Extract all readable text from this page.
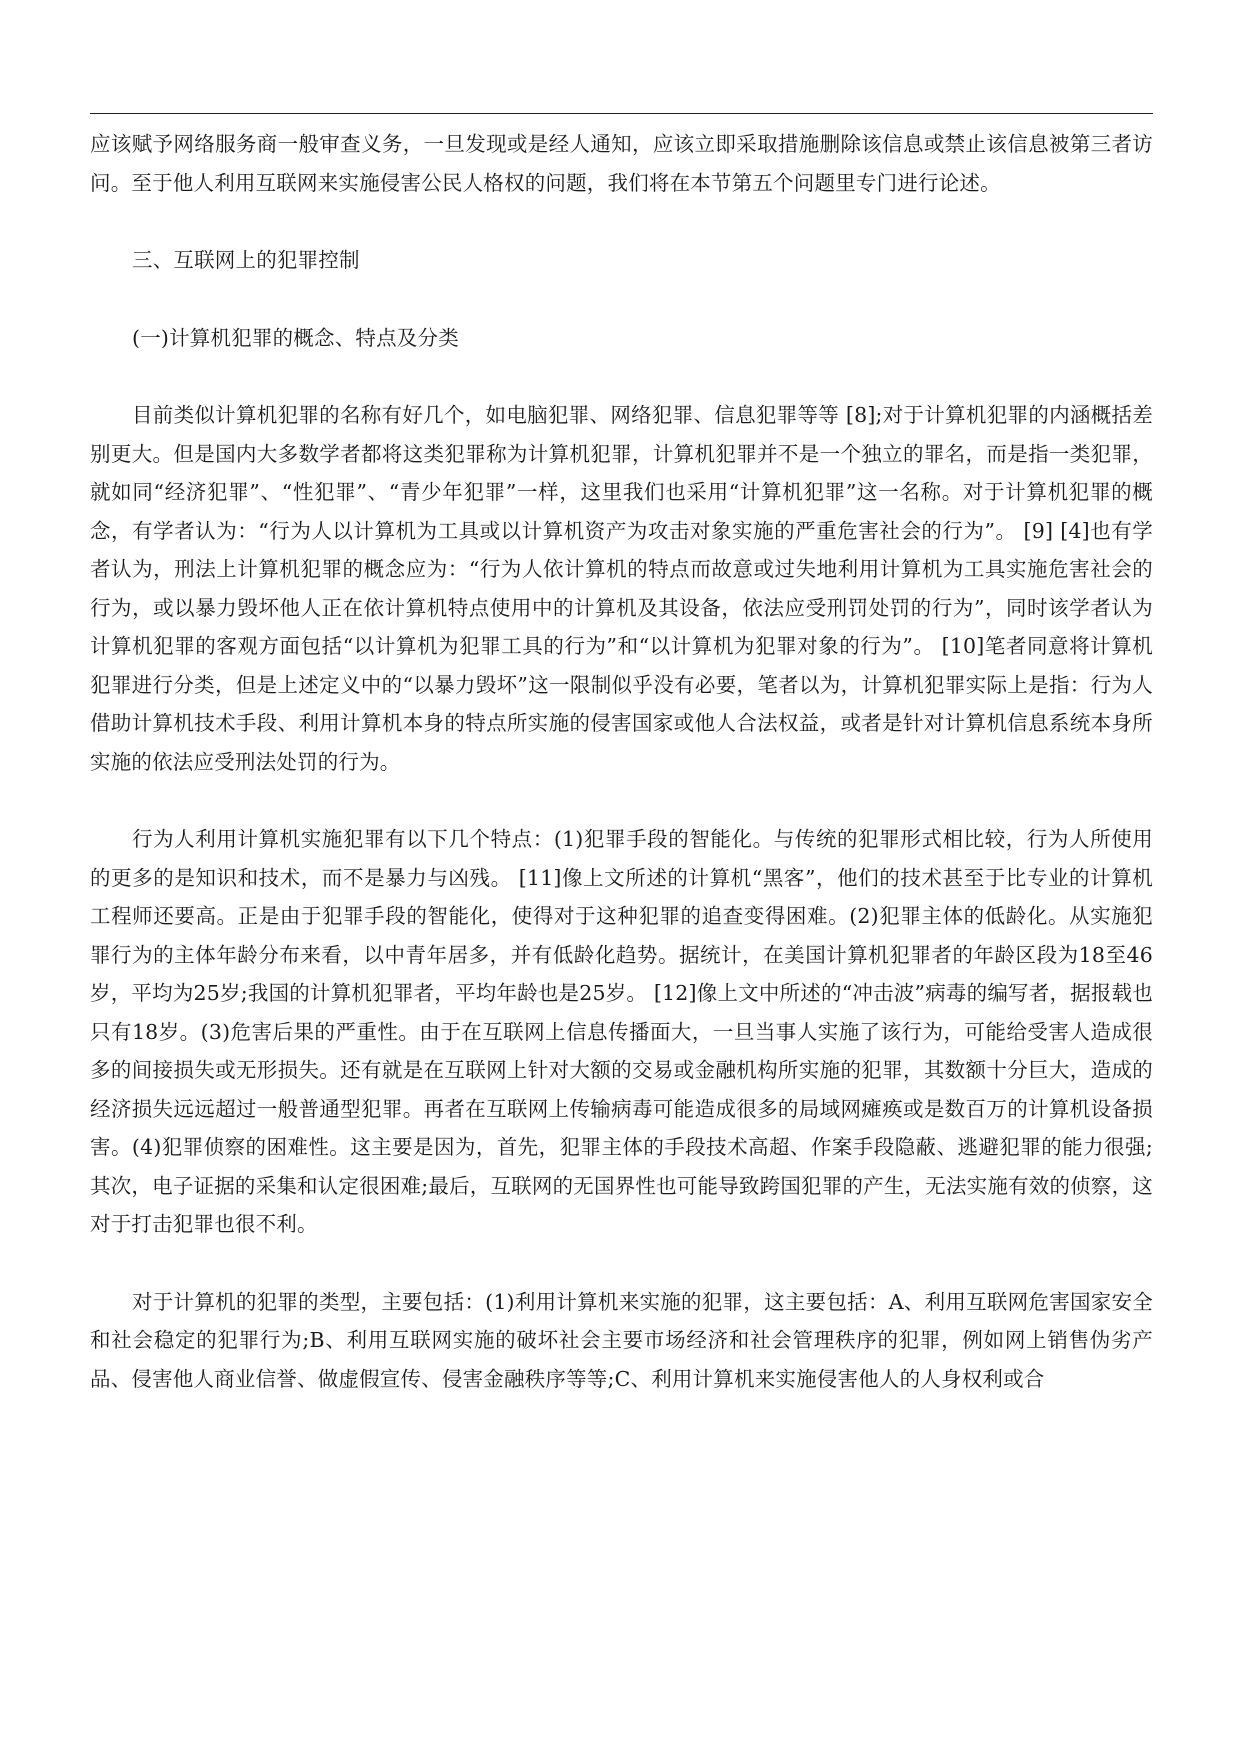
应该赋予网络服务商一般审查义务，一旦发现或是经人通知，应该立即采取措施删除该信息或禁止该信息被第三者访问。至于他人利用互联网来实施侵害公民人格权的问题，我们将在本节第五个问题里专门进行论述。

三、互联网上的犯罪控制

(一)计算机犯罪的概念、特点及分类

目前类似计算机犯罪的名称有好几个，如电脑犯罪、网络犯罪、信息犯罪等等 [8];对于计算机犯罪的内涵概括差别更大。但是国内大多数学者都将这类犯罪称为计算机犯罪，计算机犯罪并不是一个独立的罪名，而是指一类犯罪，就如同“经济犯罪”、“性犯罪”、“青少年犯罪”一样，这里我们也采用“计算机犯罪”这一名称。对于计算机犯罪的概念，有学者认为：“行为人以计算机为工具或以计算机资产为攻击对象实施的严重危害社会的行为”。 [9] [4]也有学者认为，刑法上计算机犯罪的概念应为：“行为人依计算机的特点而故意或过失地利用计算机为工具实施危害社会的行为，或以暴力毁坏他人正在依计算机特点使用中的计算机及其设备，依法应受刑罚处罚的行为”，同时该学者认为计算机犯罪的客观方面包括“以计算机为犯罪工具的行为”和“以计算机为犯罪对象的行为”。 [10]笔者同意将计算机犯罪进行分类，但是上述定义中的“以暴力毁坏”这一限制似乎没有必要，笔者以为，计算机犯罪实际上是指：行为人借助计算机技术手段、利用计算机本身的特点所实施的侵害国家或他人合法权益，或者是针对计算机信息系统本身所实施的依法应受刑法处罚的行为。

行为人利用计算机实施犯罪有以下几个特点：(1)犯罪手段的智能化。与传统的犯罪形式相比较，行为人所使用的更多的是知识和技术，而不是暴力与凶残。 [11]像上文所述的计算机“黑客”，他们的技术甚至于比专业的计算机工程师还要高。正是由于犯罪手段的智能化，使得对于这种犯罪的追查变得困难。(2)犯罪主体的低龄化。从实施犯罪行为的主体年龄分布来看，以中青年居多，并有低龄化趋势。据统计，在美国计算机犯罪者的年龄区段为18至46岁，平均为25岁;我国的计算机犯罪者，平均年龄也是25岁。 [12]像上文中所述的“冲击波”病毒的编写者，据报载也只有18岁。(3)危害后果的严重性。由于在互联网上信息传播面大，一旦当事人实施了该行为，可能给受害人造成很多的间接损失或无形损失。还有就是在互联网上针对大额的交易或金融机构所实施的犯罪，其数额十分巨大，造成的经济损失远远超过一般普通型犯罪。再者在互联网上传输病毒可能造成很多的局域网瘫痪或是数百万的计算机设备损害。(4)犯罪侦察的困难性。这主要是因为，首先，犯罪主体的手段技术高超、作案手段隐蔽、逃避犯罪的能力很强;其次，电子证据的采集和认定很困难;最后，互联网的无国界性也可能导致跨国犯罪的产生，无法实施有效的侦察，这对于打击犯罪也很不利。

对于计算机的犯罪的类型，主要包括：(1)利用计算机来实施的犯罪，这主要包括：A、利用互联网危害国家安全和社会稳定的犯罪行为;B、利用互联网实施的破坏社会主要市场经济和社会管理秩序的犯罪，例如网上销售伪劣产品、侵害他人商业信誉、做虚假宣传、侵害金融秩序等等;C、利用计算机来实施侵害他人的人身权利或合
